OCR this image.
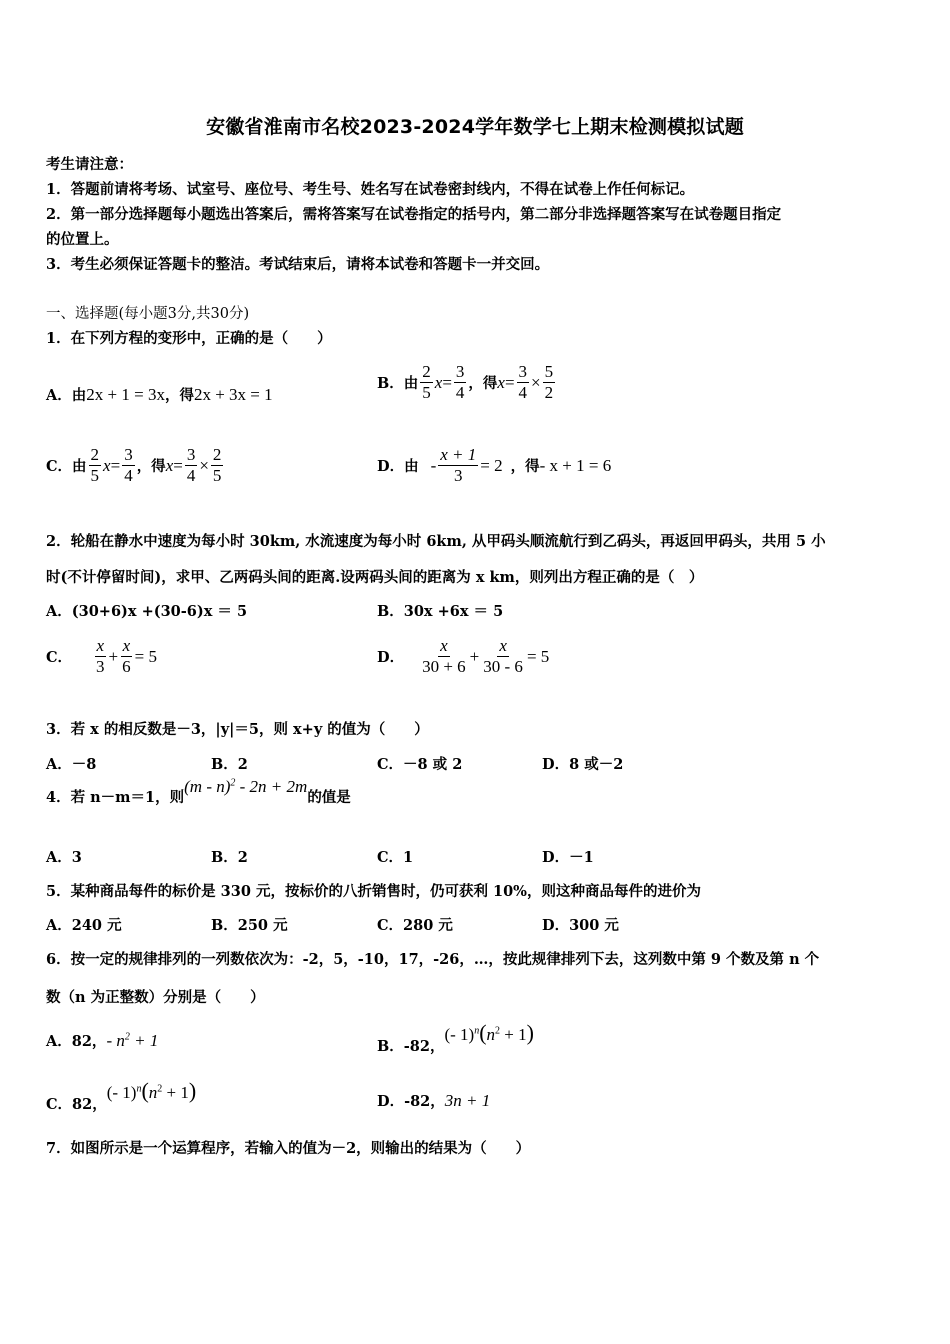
安徽省淮南市名校2023-2024学年数学七上期末检测模拟试题
考生请注意：
1．答题前请将考场、试室号、座位号、考生号、姓名写在试卷密封线内，不得在试卷上作任何标记。
2．第一部分选择题每小题选出答案后，需将答案写在试卷指定的括号内，第二部分非选择题答案写在试卷题目指定
的位置上。
3．考生必须保证答题卡的整洁。考试结束后，请将本试卷和答题卡一并交回。
一、选择题(每小题3分,共30分)
1．在下列方程的变形中，正确的是（　　）
A．由 2x + 1 = 3x ，得 2x + 3x = 1
B．由 $\frac{2}{5}$ $x = \frac{3}{4}$ ，得 $x = \frac{3}{4} \times \frac{5}{2}$
C．由 $\frac{2}{5}$ $x = \frac{3}{4}$ ，得 $x = \frac{3}{4} \times \frac{2}{5}$	D．由 - $\frac{x + 1}{3} = 2$ ，得 - x + 1 = 6
2．轮船在静水中速度为每小时 30km, 水流速度为每小时 6km, 从甲码头顺流航行到乙码头，再返回甲码头，共用 5 小
时(不计停留时间)，求甲、乙两码头间的距离.设两码头间的距离为 x km，则列出方程正确的是（　）
A．(30+6)x +(30-6)x ＝ 5	B．30x +6x ＝ 5
C． $\frac{x}{3} + \frac{x}{6} = 5$	D． $\frac{x}{30 + 6} + \frac{x}{30 - 6} = 5$
3．若 x 的相反数是－3，|y|＝5，则 x+y 的值为（　　）
A．－8	B．2	C．－8 或 2	D．8 或－2
4．若 n－m＝1，则
(m - n)$^2$ - 2n + 2m
的值是
A．3	B．2	C．1	D．－1
5．某种商品每件的标价是 330 元，按标价的八折销售时，仍可获利 10%，则这种商品每件的进价为
A．240 元	B．250 元	C．280 元	D．300 元
6．按一定的规律排列的一列数依次为：-2，5，-10，17，-26，…，按此规律排列下去，这列数中第 9 个数及第 n 个
数（n 为正整数）分别是（　　）
A．82， - $n^2 + 1$	B．-82，
(- $1)^n(n^2 + 1)$
C．82，
(- $1)^n(n^2 + 1)$	D．-82， 3n + 1
7．如图所示是一个运算程序，若输入的值为－2，则输出的结果为（　　）
